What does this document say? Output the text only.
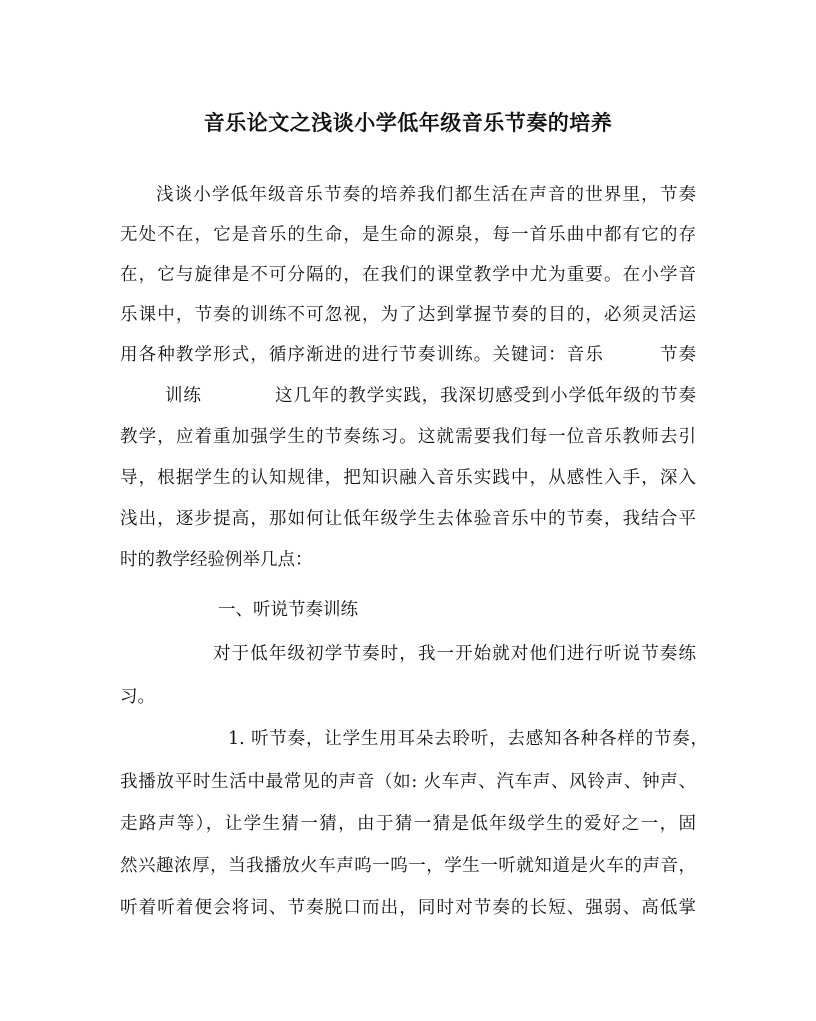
音乐论文之浅谈小学低年级音乐节奏的培养
浅谈小学低年级音乐节奏的培养我们都生活在声音的世界里，节奏
无处不在，它是音乐的生命，是生命的源泉，每一首乐曲中都有它的存
在，它与旋律是不可分隔的，在我们的课堂教学中尤为重要。在小学音
乐课中，节奏的训练不可忽视，为了达到掌握节奏的目的，必须灵活运
用各种教学形式，循序渐进的进行节奏训练。关键词：音乐　　　节奏
训练　　　　这几年的教学实践，我深切感受到小学低年级的节奏
教学，应着重加强学生的节奏练习。这就需要我们每一位音乐教师去引
导，根据学生的认知规律，把知识融入音乐实践中，从感性入手，深入
浅出，逐步提高，那如何让低年级学生去体验音乐中的节奏，我结合平
时的教学经验例举几点：
一、听说节奏训练
对于低年级初学节奏时，我一开始就对他们进行听说节奏练
习。
1. 听节奏，让学生用耳朵去聆听，去感知各种各样的节奏，
我播放平时生活中最常见的声音（如: 火车声、汽车声、风铃声、钟声、
走路声等），让学生猜一猜，由于猜一猜是低年级学生的爱好之一，固
然兴趣浓厚，当我播放火车声呜一呜一，学生一听就知道是火车的声音，
听着听着便会将词、节奏脱口而出，同时对节奏的长短、强弱、高低掌
